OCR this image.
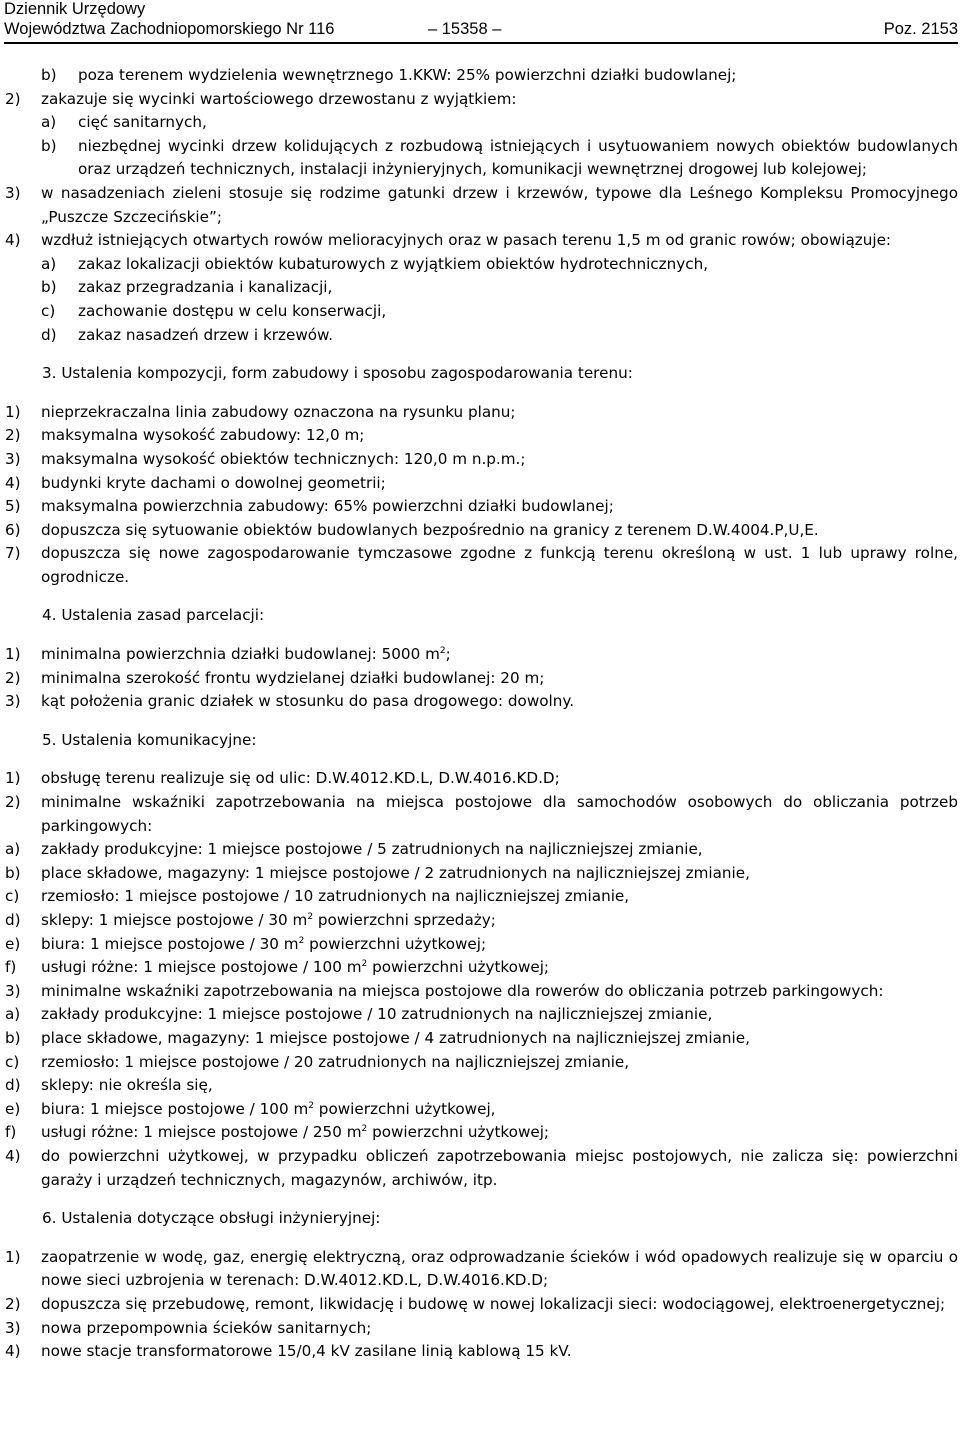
Dziennik Urzędowy
Województwa Zachodniopomorskiego Nr 116	– 15358 –	Poz. 2153
b) poza terenem wydzielenia wewnętrznego 1.KKW: 25% powierzchni działki budowlanej;
2) zakazuje się wycinki wartościowego drzewostanu z wyjątkiem:
a) cięć sanitarnych,
b) niezbędnej wycinki drzew kolidujących z rozbudową istniejących i usytuowaniem nowych obiektów budowlanych oraz urządzeń technicznych, instalacji inżynieryjnych, komunikacji wewnętrznej drogowej lub kolejowej;
3) w nasadzeniach zieleni stosuje się rodzime gatunki drzew i krzewów, typowe dla Leśnego Kompleksu Promocyjnego „Puszcze Szczecińskie”;
4) wzdłuż istniejących otwartych rowów melioracyjnych oraz w pasach terenu 1,5 m od granic rowów; obowiązuje:
a) zakaz lokalizacji obiektów kubaturowych z wyjątkiem obiektów hydrotechnicznych,
b) zakaz przegradzania i kanalizacji,
c) zachowanie dostępu w celu konserwacji,
d) zakaz nasadzeń drzew i krzewów.
3. Ustalenia kompozycji, form zabudowy i sposobu zagospodarowania terenu:
1) nieprzekraczalna linia zabudowy oznaczona na rysunku planu;
2) maksymalna wysokość zabudowy: 12,0 m;
3) maksymalna wysokość obiektów technicznych: 120,0 m n.p.m.;
4) budynki kryte dachami o dowolnej geometrii;
5) maksymalna powierzchnia zabudowy: 65% powierzchni działki budowlanej;
6) dopuszcza się sytuowanie obiektów budowlanych bezpośrednio na granicy z terenem D.W.4004.P,U,E.
7) dopuszcza się nowe zagospodarowanie tymczasowe zgodne z funkcją terenu określoną w ust. 1 lub uprawy rolne, ogrodnicze.
4. Ustalenia zasad parcelacji:
1) minimalna powierzchnia działki budowlanej: 5000 $m^2$;
2) minimalna szerokość frontu wydzielanej działki budowlanej: 20 m;
3) kąt położenia granic działek w stosunku do pasa drogowego: dowolny.
5. Ustalenia komunikacyjne:
1) obsługę terenu realizuje się od ulic: D.W.4012.KD.L, D.W.4016.KD.D;
2) minimalne wskaźniki zapotrzebowania na miejsca postojowe dla samochodów osobowych do obliczania potrzeb parkingowych:
a) zakłady produkcyjne: 1 miejsce postojowe / 5 zatrudnionych na najliczniejszej zmianie,
b) place składowe, magazyny: 1 miejsce postojowe / 2 zatrudnionych na najliczniejszej zmianie,
c) rzemiosło: 1 miejsce postojowe / 10 zatrudnionych na najliczniejszej zmianie,
d) sklepy: 1 miejsce postojowe / 30 $m^2$ powierzchni sprzedaży;
e) biura: 1 miejsce postojowe / 30 $m^2$ powierzchni użytkowej;
f) usługi różne: 1 miejsce postojowe / 100 $m^2$ powierzchni użytkowej;
3) minimalne wskaźniki zapotrzebowania na miejsca postojowe dla rowerów do obliczania potrzeb parkingowych:
a) zakłady produkcyjne: 1 miejsce postojowe / 10 zatrudnionych na najliczniejszej zmianie,
b) place składowe, magazyny: 1 miejsce postojowe / 4 zatrudnionych na najliczniejszej zmianie,
c) rzemiosło: 1 miejsce postojowe / 20 zatrudnionych na najliczniejszej zmianie,
d) sklepy: nie określa się,
e) biura: 1 miejsce postojowe / 100 $m^2$ powierzchni użytkowej,
f) usługi różne: 1 miejsce postojowe / 250 $m^2$ powierzchni użytkowej;
4) do powierzchni użytkowej, w przypadku obliczeń zapotrzebowania miejsc postojowych, nie zalicza się: powierzchni garaży i urządzeń technicznych, magazynów, archiwów, itp.
6. Ustalenia dotyczące obsługi inżynieryjnej:
1) zaopatrzenie w wodę, gaz, energię elektryczną, oraz odprowadzanie ścieków i wód opadowych realizuje się w oparciu o nowe sieci uzbrojenia w terenach: D.W.4012.KD.L, D.W.4016.KD.D;
2) dopuszcza się przebudowę, remont, likwidację i budowę w nowej lokalizacji sieci: wodociągowej, elektroenergetycznej;
3) nowa przepompownia ścieków sanitarnych;
4) nowe stacje transformatorowe 15/0,4 kV zasilane linią kablową 15 kV.
